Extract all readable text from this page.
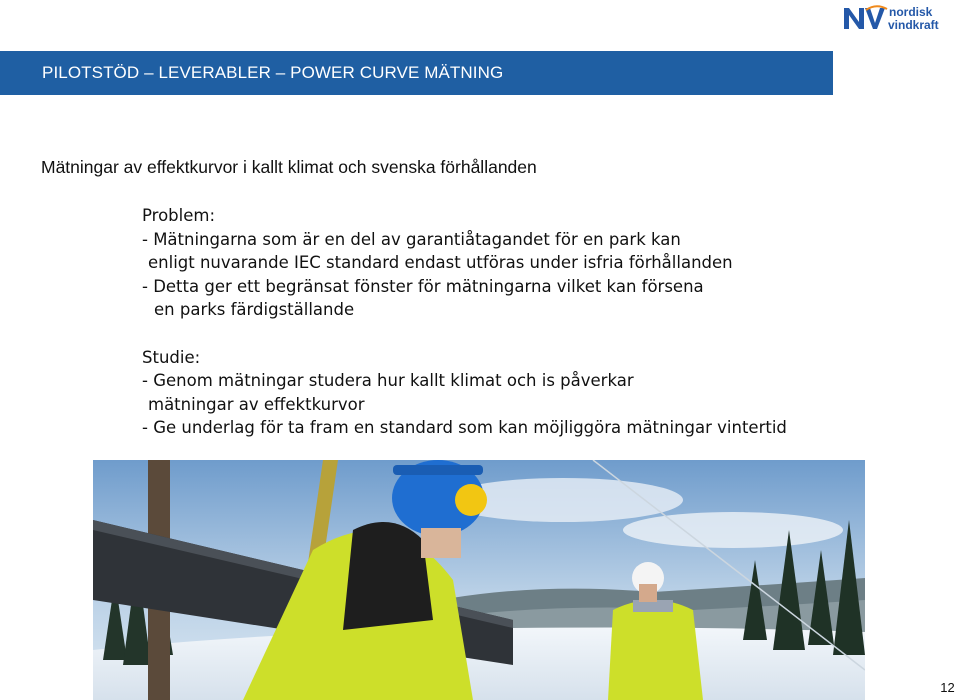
nordisk
vindkraft
PILOTSTÖD – LEVERABLER – POWER CURVE MÄTNING
Mätningar av effektkurvor i kallt klimat och svenska förhållanden
Problem:
- Mätningarna som är en del av garantiåtagandet för en park kan
enligt nuvarande IEC standard endast utföras under isfria förhållanden
- Detta ger ett begränsat fönster för mätningarna vilket kan försena
en parks färdigställande
Studie:
- Genom mätningar studera hur kallt klimat och is påverkar
mätningar av effektkurvor
- Ge underlag för ta fram en standard som kan möjliggöra mätningar vintertid
12
